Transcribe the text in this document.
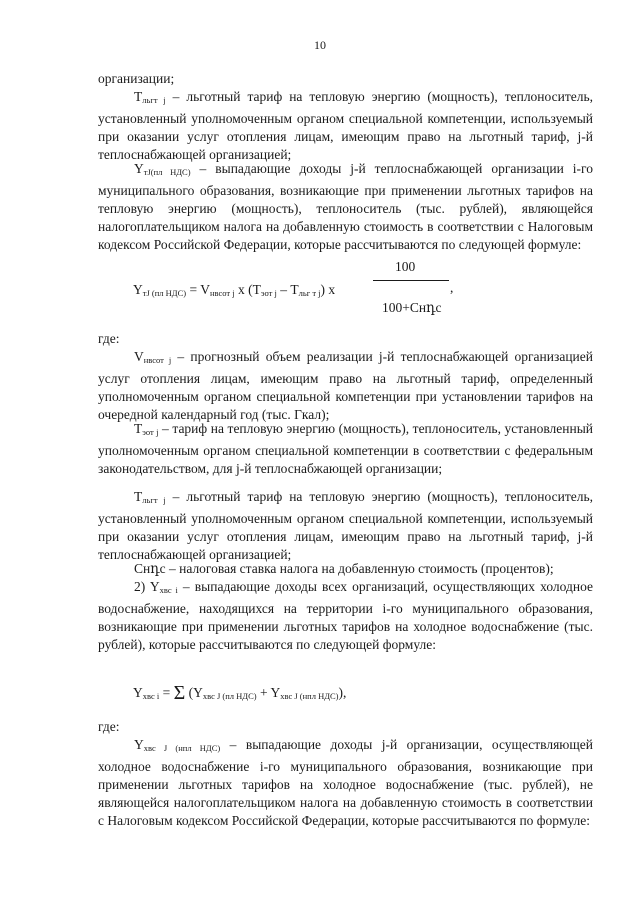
10

организации;

$Т_{льгт j}$ – льготный тариф на тепловую энергию (мощность), теплоноситель, установленный уполномоченным органом специальной компетенции, используемый при оказании услуг отопления лицам, имеющим право на льготный тариф, j-й теплоснабжающей организацией;

$Y_{тJ(пл НДС)}$ – выпадающие доходы j-й теплоснабжающей организации i-го муниципального образования, возникающие при применении льготных тарифов на тепловую энергию (мощность), теплоноситель (тыс. рублей), являющейся налогоплательщиком налога на добавленную стоимость в соответствии с Налоговым кодексом Российской Федерации, которые рассчитываются по следующей формуле:

100
$Y_{тJ (пл НДС)} = V_{нвсот j}$ x $(Т_{эот j} - Т_{льг т j})$ x	,
100+Снդс

где:

$V_{нвсот j}$ – прогнозный объем реализации j-й теплоснабжающей организацией услуг отопления лицам, имеющим право на льготный тариф, определенный уполномоченным органом специальной компетенции при установлении тарифов на очередной календарный год (тыс. Гкал);

$Т_{эот j}$ – тариф на тепловую энергию (мощность), теплоноситель, установленный уполномоченным органом специальной компетенции в соответствии с федеральным законодательством, для j-й теплоснабжающей организации;

$Т_{льгт j}$ – льготный тариф на тепловую энергию (мощность), теплоноситель, установленный уполномоченным органом специальной компетенции, используемый при оказании услуг отопления лицам, имеющим право на льготный тариф, j-й теплоснабжающей организацией;

Снդс – налоговая ставка налога на добавленную стоимость (процентов);

2) $Y_{хвс i}$ – выпадающие доходы всех организаций, осуществляющих холодное водоснабжение, находящихся на территории i-го муниципального образования, возникающие при применении льготных тарифов на холодное водоснабжение (тыс. рублей), которые рассчитываются по следующей формуле:

$Y_{хвс i} = \Sigma$ $(Y_{хвс J (пл НДС)} + Y_{хвс J (нпл НДС)})$,

где:

$Y_{хвс J (нпл НДС)}$ – выпадающие доходы j-й организации, осуществляющей холодное водоснабжение i-го муниципального образования, возникающие при применении льготных тарифов на холодное водоснабжение (тыс. рублей), не являющейся налогоплательщиком налога на добавленную стоимость в соответствии с Налоговым кодексом Российской Федерации, которые рассчитываются по формуле:
